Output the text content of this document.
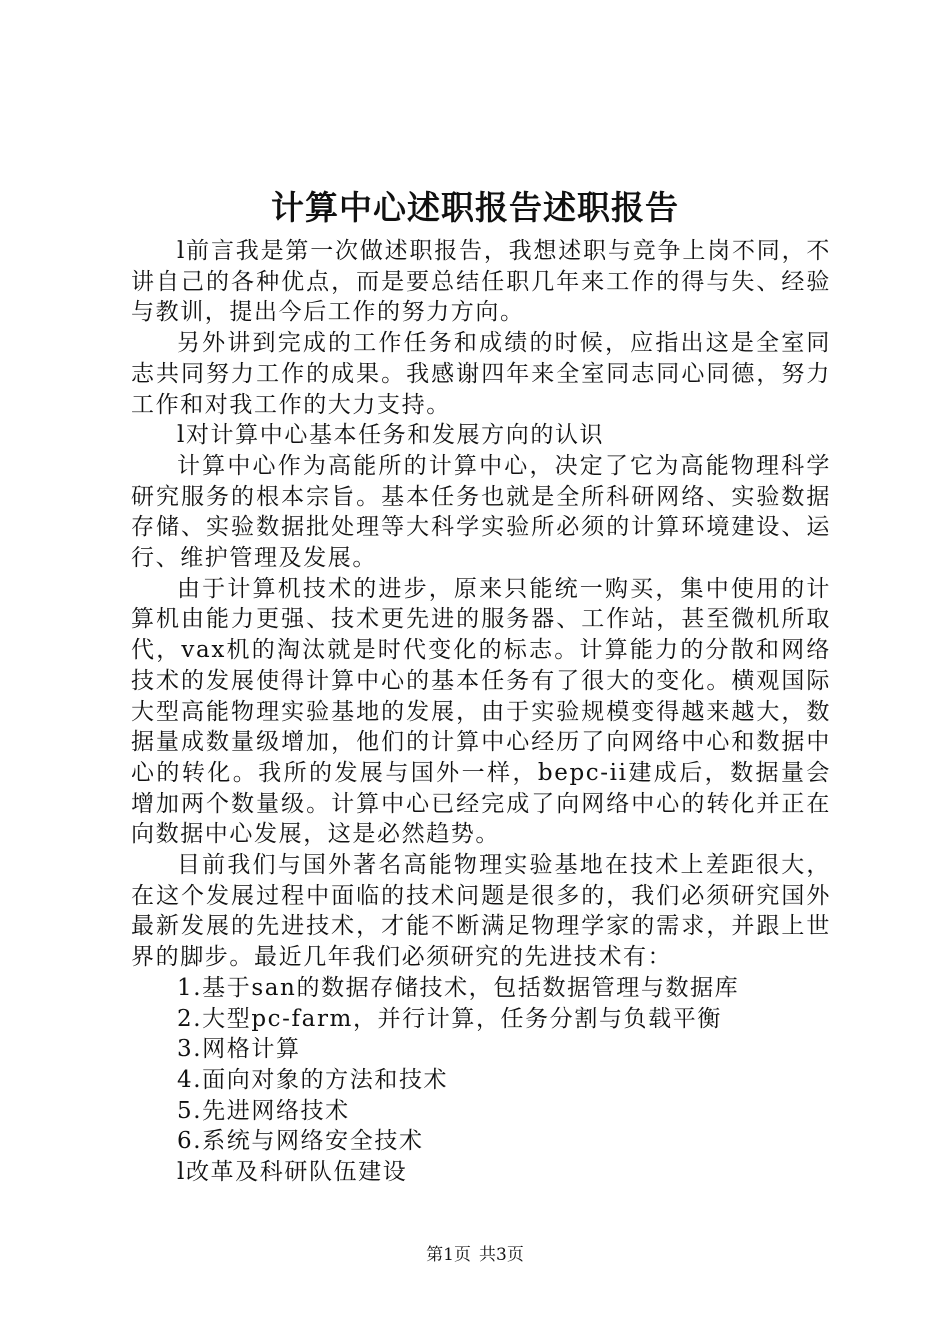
计算中心述职报告述职报告

l前言我是第一次做述职报告，我想述职与竞争上岗不同，不讲自己的各种优点，而是要总结任职几年来工作的得与失、经验与教训，提出今后工作的努力方向。

另外讲到完成的工作任务和成绩的时候，应指出这是全室同志共同努力工作的成果。我感谢四年来全室同志同心同德，努力工作和对我工作的大力支持。

l对计算中心基本任务和发展方向的认识

计算中心作为高能所的计算中心，决定了它为高能物理科学研究服务的根本宗旨。基本任务也就是全所科研网络、实验数据存储、实验数据批处理等大科学实验所必须的计算环境建设、运行、维护管理及发展。

由于计算机技术的进步，原来只能统一购买，集中使用的计算机由能力更强、技术更先进的服务器、工作站，甚至微机所取代，vax机的淘汰就是时代变化的标志。计算能力的分散和网络技术的发展使得计算中心的基本任务有了很大的变化。横观国际大型高能物理实验基地的发展，由于实验规模变得越来越大，数据量成数量级增加，他们的计算中心经历了向网络中心和数据中心的转化。我所的发展与国外一样，bepc-ii建成后，数据量会增加两个数量级。计算中心已经完成了向网络中心的转化并正在向数据中心发展，这是必然趋势。

目前我们与国外著名高能物理实验基地在技术上差距很大，在这个发展过程中面临的技术问题是很多的，我们必须研究国外最新发展的先进技术，才能不断满足物理学家的需求，并跟上世界的脚步。最近几年我们必须研究的先进技术有：

1.基于san的数据存储技术，包括数据管理与数据库

2.大型pc-farm，并行计算，任务分割与负载平衡

3.网格计算

4.面向对象的方法和技术

5.先进网络技术

6.系统与网络安全技术

l改革及科研队伍建设

第1页 共3页
